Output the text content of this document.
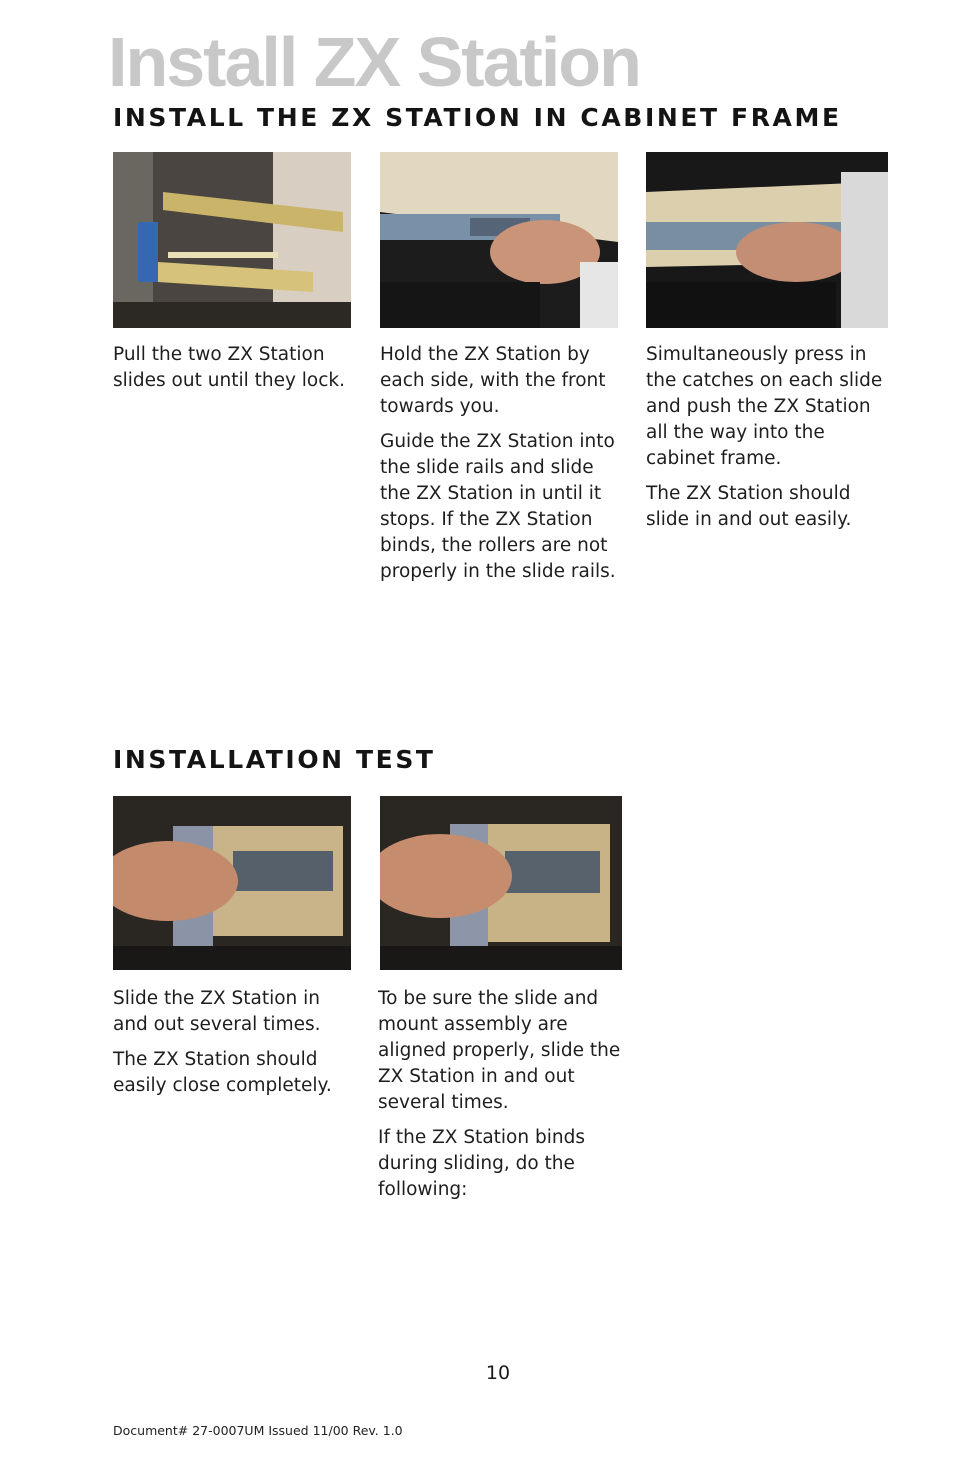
Install ZX Station
INSTALL THE ZX STATION IN CABINET FRAME

Pull the two ZX Station slides out until they lock.

Hold the ZX Station by each side, with the front towards you.

Guide the ZX Station into the slide rails and slide the ZX Station in until it stops. If the ZX Station binds, the rollers are not properly in the slide rails.

Simultaneously press in the catches on each slide and push the ZX Station all the way into the cabinet frame.

The ZX Station should slide in and out easily.

INSTALLATION TEST

Slide the ZX Station in and out several times.

The ZX Station should easily close completely.

To be sure the slide and mount assembly are aligned properly, slide the ZX Station in and out several times.

If the ZX Station binds during sliding, do the following:

10
Document# 27-0007UM Issued 11/00 Rev. 1.0
